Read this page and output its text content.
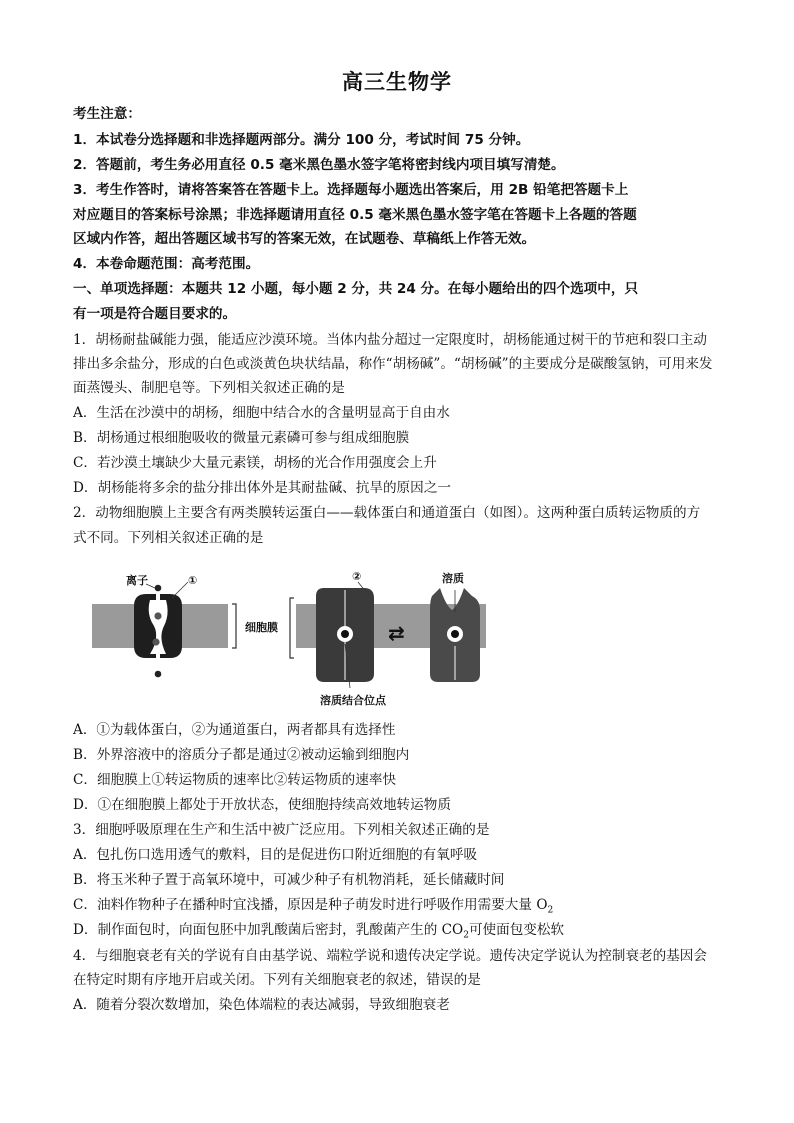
高三生物学
考生注意：
1．本试卷分选择题和非选择题两部分。满分 100 分，考试时间 75 分钟。
2．答题前，考生务必用直径 0.5 毫米黑色墨水签字笔将密封线内项目填写清楚。
3．考生作答时，请将答案答在答题卡上。选择题每小题选出答案后，用 2B 铅笔把答题卡上
对应题目的答案标号涂黑；非选择题请用直径 0.5 毫米黑色墨水签字笔在答题卡上各题的答题
区域内作答，超出答题区域书写的答案无效，在试题卷、草稿纸上作答无效。
4．本卷命题范围：高考范围。
一、单项选择题：本题共 12 小题，每小题 2 分，共 24 分。在每小题给出的四个选项中，只
有一项是符合题目要求的。
1．胡杨耐盐碱能力强，能适应沙漠环境。当体内盐分超过一定限度时，胡杨能通过树干的节疤和裂口主动
排出多余盐分，形成的白色或淡黄色块状结晶，称作“胡杨碱”。“胡杨碱”的主要成分是碳酸氢钠，可用来发
面蒸馒头、制肥皂等。下列相关叙述正确的是
A．生活在沙漠中的胡杨，细胞中结合水的含量明显高于自由水
B．胡杨通过根细胞吸收的微量元素磷可参与组成细胞膜
C．若沙漠土壤缺少大量元素镁，胡杨的光合作用强度会上升
D．胡杨能将多余的盐分排出体外是其耐盐碱、抗旱的原因之一
2．动物细胞膜上主要含有两类膜转运蛋白——载体蛋白和通道蛋白（如图）。这两种蛋白质转运物质的方
式不同。下列相关叙述正确的是
离子	①	②	溶质
细胞膜
溶质结合位点
⇄
A．①为载体蛋白，②为通道蛋白，两者都具有选择性
B．外界溶液中的溶质分子都是通过②被动运输到细胞内
C．细胞膜上①转运物质的速率比②转运物质的速率快
D．①在细胞膜上都处于开放状态，使细胞持续高效地转运物质
3．细胞呼吸原理在生产和生活中被广泛应用。下列相关叙述正确的是
A．包扎伤口选用透气的敷料，目的是促进伤口附近细胞的有氧呼吸
B．将玉米种子置于高氧环境中，可减少种子有机物消耗，延长储藏时间
C．油料作物种子在播种时宜浅播，原因是种子萌发时进行呼吸作用需要大量 $O_2$
D．制作面包时，向面包胚中加乳酸菌后密封，乳酸菌产生的 $CO_2$可使面包变松软
4．与细胞衰老有关的学说有自由基学说、端粒学说和遗传决定学说。遗传决定学说认为控制衰老的基因会
在特定时期有序地开启或关闭。下列有关细胞衰老的叙述，错误的是
A．随着分裂次数增加，染色体端粒的表达减弱，导致细胞衰老
